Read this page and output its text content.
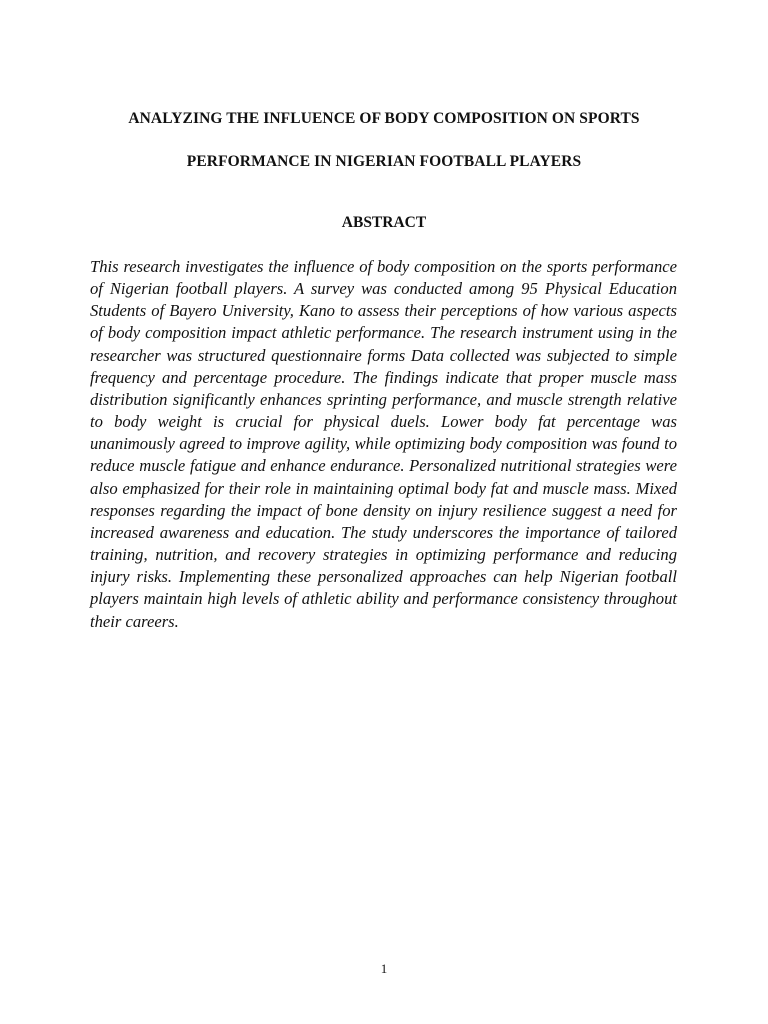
ANALYZING THE INFLUENCE OF BODY COMPOSITION ON SPORTS
PERFORMANCE IN NIGERIAN FOOTBALL PLAYERS
ABSTRACT

This research investigates the influence of body composition on the sports performance of Nigerian football players. A survey was conducted among 95 Physical Education Students of Bayero University, Kano to assess their perceptions of how various aspects of body composition impact athletic performance. The research instrument using in the researcher was structured questionnaire forms Data collected was subjected to simple frequency and percentage procedure. The findings indicate that proper muscle mass distribution significantly enhances sprinting performance, and muscle strength relative to body weight is crucial for physical duels. Lower body fat percentage was unanimously agreed to improve agility, while optimizing body composition was found to reduce muscle fatigue and enhance endurance. Personalized nutritional strategies were also emphasized for their role in maintaining optimal body fat and muscle mass. Mixed responses regarding the impact of bone density on injury resilience suggest a need for increased awareness and education. The study underscores the importance of tailored training, nutrition, and recovery strategies in optimizing performance and reducing injury risks. Implementing these personalized approaches can help Nigerian football players maintain high levels of athletic ability and performance consistency throughout their careers.

1
